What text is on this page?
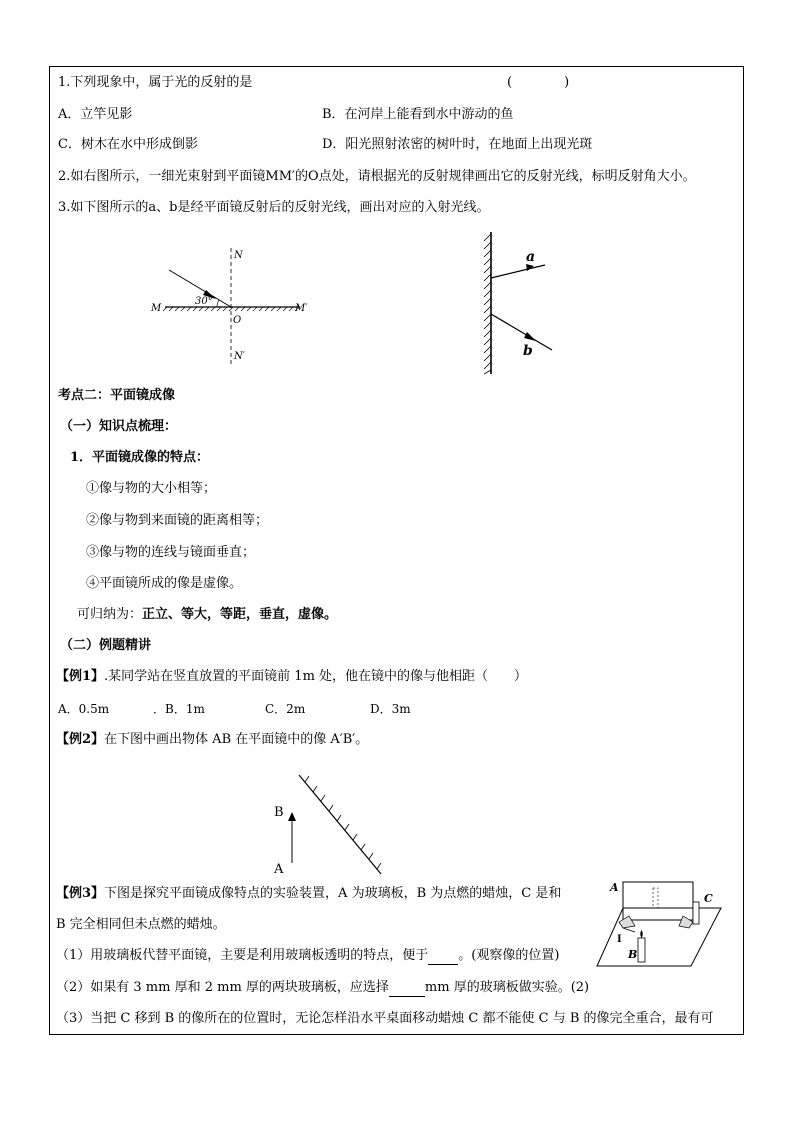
1.下列现象中，属于光的反射的是	(　　　　)
A．立竿见影	B．在河岸上能看到水中游动的鱼
C．树木在水中形成倒影	D．阳光照射浓密的树叶时，在地面上出现光斑
2.如右图所示，一细光束射到平面镜MM′的O点处，请根据光的反射规律画出它的反射光线，标明反射角大小。
3.如下图所示的a、b是经平面镜反射后的反射光线，画出对应的入射光线。
30°
N
N′
M	M′
O
a
b
考点二：平面镜成像
（一）知识点梳理：
1．平面镜成像的特点：
①像与物的大小相等；
②像与物到来面镜的距离相等；
③像与物的连线与镜面垂直；
④平面镜所成的像是虚像。
可归纳为：正立、等大，等距，垂直，虚像。
（二）例题精讲
【例1】.某同学站在竖直放置的平面镜前 1m 处，他在镜中的像与他相距（　　）
A．0.5m	．B．1m	C．2m	D．3m
【例2】在下图中画出物体 AB 在平面镜中的像 A′B′。
B
A
【例3】下图是探究平面镜成像特点的实验装置，A 为玻璃板，B 为点燃的蜡烛，C 是和
B 完全相同但未点燃的蜡烛。
（1）用玻璃板代替平面镜，主要是利用玻璃板透明的特点，便于 。(观察像的位置)
（2）如果有 3 mm 厚和 2 mm 厚的两块玻璃板，应选择	mm 厚的玻璃板做实验。(2)
（3）当把 C 移到 B 的像所在的位置时，无论怎样沿水平桌面移动蜡烛 C 都不能使 C 与 B 的像完全重合，最有可
A
C
B
I
